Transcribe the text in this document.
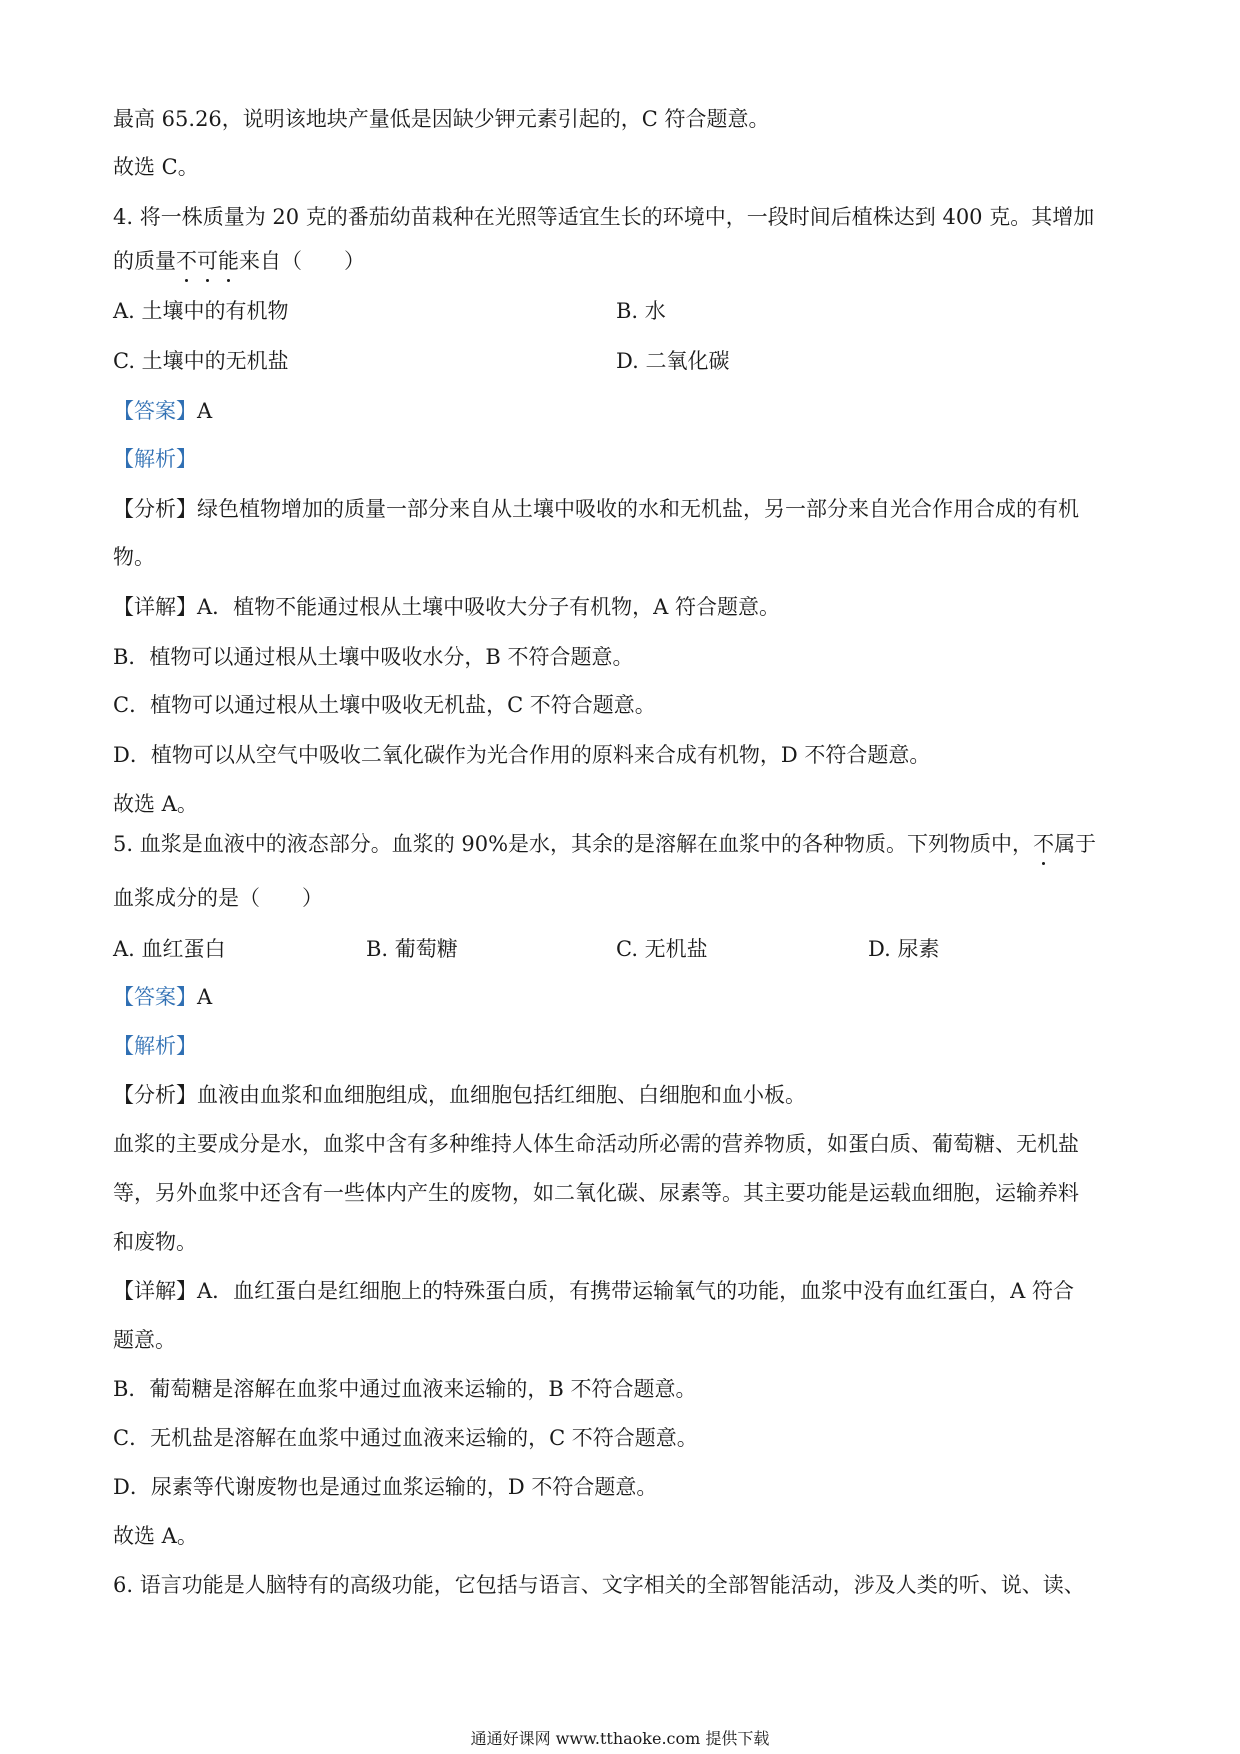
最高 65.26，说明该地块产量低是因缺少钾元素引起的，C 符合题意。
故选 C。
4. 将一株质量为 20 克的番茄幼苗栽种在光照等适宜生长的环境中，一段时间后植株达到 400 克。其增加
的质量不可能来自（　　）
A. 土壤中的有机物	B. 水
C. 土壤中的无机盐	D. 二氧化碳
【答案】A
【解析】
【分析】绿色植物增加的质量一部分来自从土壤中吸收的水和无机盐，另一部分来自光合作用合成的有机
物。
【详解】A．植物不能通过根从土壤中吸收大分子有机物，A 符合题意。
B．植物可以通过根从土壤中吸收水分，B 不符合题意。
C．植物可以通过根从土壤中吸收无机盐，C 不符合题意。
D．植物可以从空气中吸收二氧化碳作为光合作用的原料来合成有机物，D 不符合题意。
故选 A。
5. 血浆是血液中的液态部分。血浆的 90%是水，其余的是溶解在血浆中的各种物质。下列物质中，不属于
血浆成分的是（　　）
A. 血红蛋白	B. 葡萄糖	C. 无机盐	D. 尿素
【答案】A
【解析】
【分析】血液由血浆和血细胞组成，血细胞包括红细胞、白细胞和血小板。
血浆的主要成分是水，血浆中含有多种维持人体生命活动所必需的营养物质，如蛋白质、葡萄糖、无机盐
等，另外血浆中还含有一些体内产生的废物，如二氧化碳、尿素等。其主要功能是运载血细胞，运输养料
和废物。
【详解】A．血红蛋白是红细胞上的特殊蛋白质，有携带运输氧气的功能，血浆中没有血红蛋白，A 符合
题意。
B．葡萄糖是溶解在血浆中通过血液来运输的，B 不符合题意。
C．无机盐是溶解在血浆中通过血液来运输的，C 不符合题意。
D．尿素等代谢废物也是通过血浆运输的，D 不符合题意。
故选 A。
6. 语言功能是人脑特有的高级功能，它包括与语言、文字相关的全部智能活动，涉及人类的听、说、读、
通通好课网 www.tthaoke.com 提供下载
